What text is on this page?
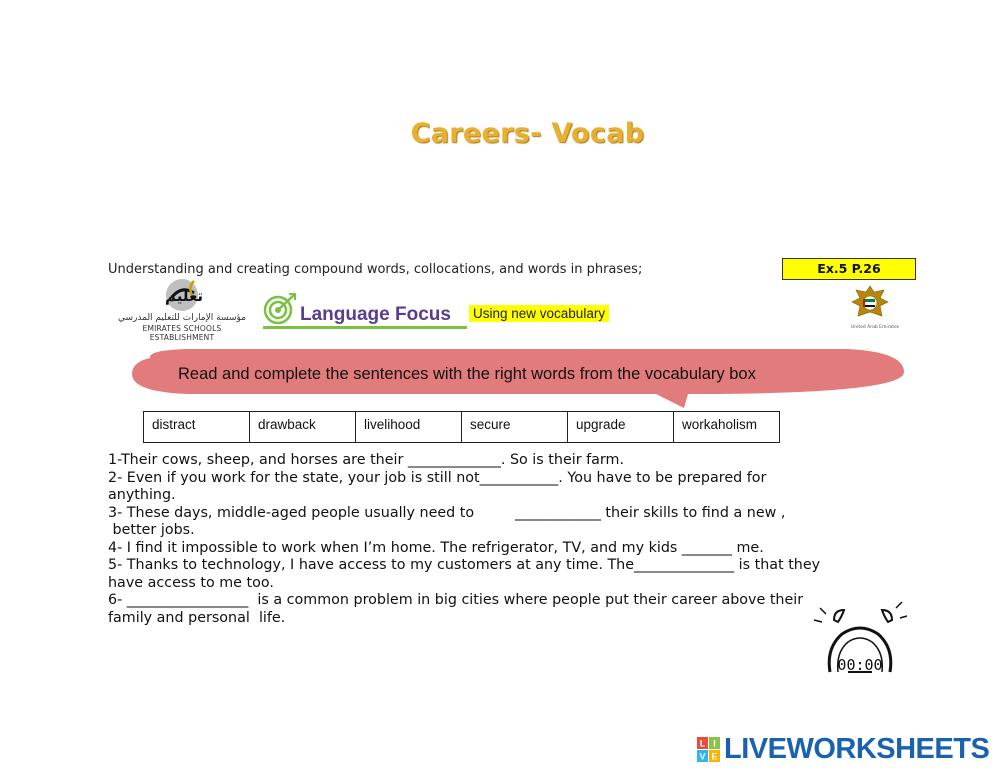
Careers- Vocab
Understanding and creating compound words, collocations, and words in phrases;	Ex.5 P.26
تعليم
مؤسسة الإمارات للتعليم المدرسي
EMIRATES SCHOOLS ESTABLISHMENT
Language Focus Using new vocabulary
United Arab Emirates
Read and complete the sentences with the right words from the vocabulary box
distract	drawback	livelihood	secure	upgrade	workaholism
1-Their cows, sheep, and horses are their _____________. So is their farm.
2- Even if you work for the state, your job is still not___________. You have to be prepared for
anything.
3- These days, middle-aged people usually need to         ____________ their skills to find a new ,
better jobs.
4- I find it impossible to work when I’m home. The refrigerator, TV, and my kids _______ me.
5- Thanks to technology, I have access to my customers at any time. The______________ is that they
have access to me too.
6- _________________  is a common problem in big cities where people put their career above their
family and personal  life.
00:00
L I
V E LIVEWORKSHEETS
